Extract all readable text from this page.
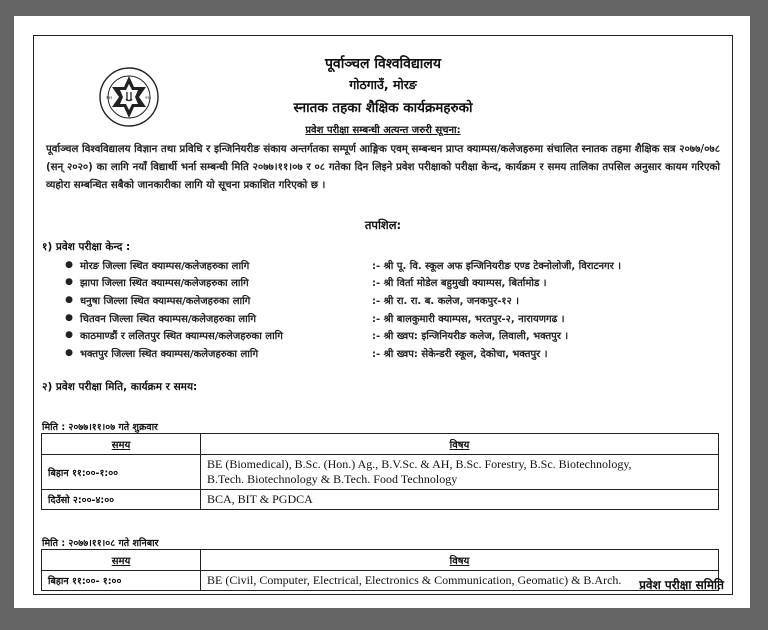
१९९	१९९
पूर्वाञ्चल विश्वविद्यालय
गोठगाउँ, मोरङ
स्नातक तहका शैक्षिक कार्यक्रमहरुको
प्रवेश परीक्षा सम्बन्धी अत्यन्त जरुरी सूचना:
पूर्वाञ्चल विश्वविद्यालय विज्ञान तथा प्रविधि र इन्जिनियरीङ संकाय अन्तर्गतका सम्पूर्ण आङ्गिक एवम् सम्बन्धन प्राप्त क्याम्पस/कलेजहरुमा संचालित स्नातक तहमा शैक्षिक सत्र २०७७/०७८ (सन् २०२०) का लागि नयाँ विद्यार्थी भर्ना सम्बन्धी मिति २०७७।११।०७ र ०८ गतेका दिन लिइने प्रवेश परीक्षाको परीक्षा केन्द, कार्यक्रम र समय तालिका तपसिल अनुसार कायम गरिएको व्यहोरा सम्बन्धित सबैको जानकारीका लागि यो सूचना प्रकाशित गरिएको छ ।
तपशिल:
१) प्रवेश परीक्षा केन्द :
● मोरङ जिल्ला स्थित क्याम्पस/कलेजहरुका लागि	:- श्री पू. वि. स्कूल अफ इन्जिनियरीङ एण्ड टेक्नोलोजी, विराटनगर ।
● झापा जिल्ला स्थित क्याम्पस/कलेजहरुका लागि	:- श्री विर्ता मोडेल बहुमुखी क्याम्पस, बिर्तामोड ।
● धनुषा जिल्ला स्थित क्याम्पस/कलेजहरुका लागि	:- श्री रा. रा. ब. कलेज, जनकपुर-१२ ।
● चितवन जिल्ला स्थित क्याम्पस/कलेजहरुका लागि	:- श्री बालकुमारी क्याम्पस, भरतपुर-२, नारायणगढ ।
● काठमाण्डौं र ललितपुर स्थित क्याम्पस/कलेजहरुका लागि	:- श्री ख्वप: इन्जिनियरीङ कलेज, लिवाली, भक्तपुर ।
● भक्तपुर जिल्ला स्थित क्याम्पस/कलेजहरुका लागि	:- श्री ख्वप: सेकेन्डरी स्कूल, देकोचा, भक्तपुर ।
२) प्रवेश परीक्षा मिति, कार्यक्रम र समय:
मिति : २०७७।११।०७ गते शुक्रवार
समय	विषय
बिहान ११:००-१:००	BE (Biomedical), B.Sc. (Hon.) Ag., B.V.Sc. & AH, B.Sc. Forestry, B.Sc. Biotechnology,
B.Tech. Biotechnology & B.Tech. Food Technology

दिउँसो २:००-४:००	BCA, BIT & PGDCA
मिति : २०७७।११।०८ गते शनिबार
समय	विषय
बिहान ११:००- १:००	BE (Civil, Computer, Electrical, Electronics & Communication, Geomatic) & B.Arch.	प्रवेश परीक्षा समिति
